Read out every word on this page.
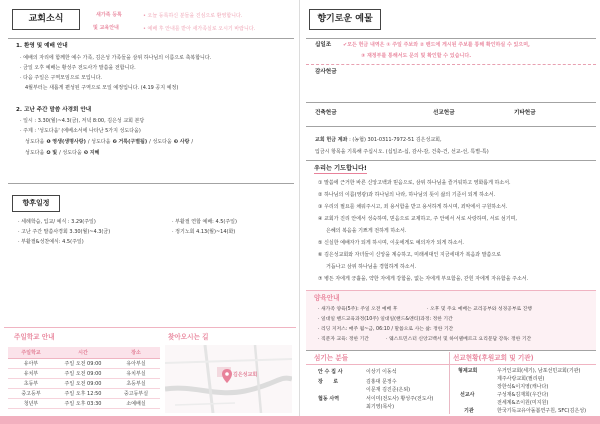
교회소식	새가족 등록
및 교육안내
• 오늘 등록하신 분들을 진심으로 환영합니다.
• 예배 후 안내를 받아 새가족실로 오시기 바랍니다.
1. 환영 및 예배 안내
· 예배의 자리에 함께한 예수 가족, 김은성 가족들을 삼위 하나님의 이름으로 축복합니다.
· 금일 오후 예배는 황성주 전도사가 말씀을 전합니다.
· 다음 주일은 구역모임으로 모입니다.
4월부터는 새롭게 편성된 구역으로 모일 예정입니다. (4.19 공지 예정)
2. 고난 주간 말씀 사경회 안내
· 일시 : 3.30(월)~4.3(금), 저녁 8:00, 김은성 교회 본당
· 주제 : '성도다움' (에베소서에 나타난 5가지 성도다움)
성도다움 ❶ 영생(생명사랑) / 성도다움 ❷ 거룩(구별됨) / 성도다움 ❸ 사랑 /
성도다움 ❹ 빛 / 성도다움 ❺ 지혜
향후일정
· 세례학습, 입교/ 예식 : 3.29(주일)
· 고난 주간 말씀사경회 3.30(월)~4.3(금)
· 부활절&성찬예식: 4.5(주일)
· 부활절 연합 예배: 4.5(주일)
· 정기노회 4.13(월)~14(화)
주일학교 안내
주일학교	시간	장소
유아부	주일 오전 09:00	유아부실
유치부	주일 오전 09:00	유치부실
초등부	주일 오전 09:00	초등부실
중고등부	주일 오후 12:50	중고등부실
청년부	주일 오후 03:30	소예배실
찾아오시는 길
김은성교회
향기로운 예물
십일조 ✔모든 헌금 내역은 ① 주일 주보와 ② 밴드에 게시된 주보를 통해 확인하실 수 있으며,
③ 재정부를 통해서도 문의 및 확인할 수 있습니다.
감사헌금
건축헌금	선교헌금	기타헌금
교회 헌금 계좌 : (농협) 301-0311-7972-51 김은성교회,
입금시 항목을 기록해 주십시오. (십일조-십, 감사-감, 건축-건, 선교-선, 특별-특)
우리는 기도합니다!
① 말씀에 근거한 바른 신앙고백과 믿음으로, 삼위 하나님을 즐거워하고 영화롭게 하소서.
② 하나님의 이름(영광)과 하나님의 나라, 하나님의 뜻이 삶의 기준이 되게 하소서.
③ 우리의 필요를 채워주시고, 죄 용서함을 받고 용서하게 하시며, 죄악에서 구원하소서.
④ 교회가 진리 안에서 성숙하며, 믿음으로 교제하고, 주 안에서 서로 사랑하며, 서로 섬기며,
은혜의 복음을 기쁘게 전하게 하소서.
⑤ 신실한 예배자가 되게 하시며, 이웃에게도 예의자가 되게 하소서.
⑥ 김은성교회와 자녀들이 신앙을 계승하고, 미래세대인 지금세대가 복음과 말씀으로
거듭나고 삼위 하나님을 경험하게 하소서.
⑦ 병든 자에게 긍휼을, 약한 자에게 강함을, 없는 자에게 부요함을, 갇힌 자에게 자유함을 주소서.
양육안내
· 새가족 양육(5주): 주일 오전 예배 후	· 오후 및 주요 예배는 교리공부와 성경공부로 진행
· 일대일 핸드교육과정(10주) 일대일(핸드&멘티)과정: 정한 기간
· 리딩 지저스: 매주 월~금, 06:10 / 말씀으로 사는 삶: 정한 기간
· 직분자 교육: 정한 기간	· 웨스트민스터 신앙고백서 및 하이델베르크 요리문답 강독: 정한 기간
섬기는 분들	선교현황(후원교회 및 기관)
안 수 집 사	이상기 이동석
장      로	김홍대 문정수
이문재 김진준(은퇴)
협동 사역	서이미(전도사) 황성주(전도사)
최기영(목사)
형제교회	우거인교회(세기), 남포선민교회(기관)
제주사랑교회(필리핀)
선교사
장한석&이지영(캐나다)
구성재&김재희(우간다)
전세계&조이원(미지원)
기관	한국기독교유아돌봄연구원, SFC(김은성)
